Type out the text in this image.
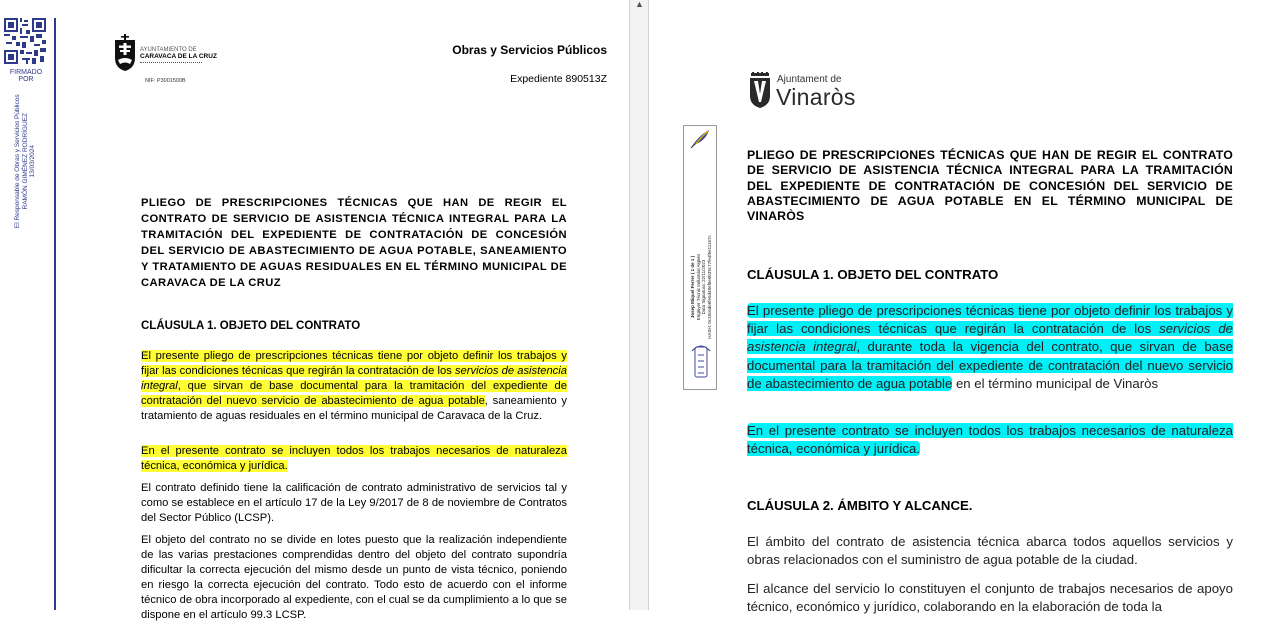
FIRMADO POR
El Responsable de Obras y Servicios Públicos RAMÓN GIMÉNEZ RODRÍGUEZ 13/03/2024
AYUNTAMIENTO DE
CARAVACA DE LA CRUZ
NIF: P3001500B
Obras y Servicios Públicos
Expediente 890513Z
PLIEGO DE PRESCRIPCIONES TÉCNICAS QUE HAN DE REGIR EL CONTRATO DE SERVICIO DE ASISTENCIA TÉCNICA INTEGRAL PARA LA TRAMITACIÓN DEL EXPEDIENTE DE CONTRATACIÓN DE CONCESIÓN DEL SERVICIO DE ABASTECIMIENTO DE AGUA POTABLE, SANEAMIENTO Y TRATAMIENTO DE AGUAS RESIDUALES EN EL TÉRMINO MUNICIPAL DE CARAVACA DE LA CRUZ
CLÁUSULA 1. OBJETO DEL CONTRATO
El presente pliego de prescripciones técnicas tiene por objeto definir los trabajos y fijar las condiciones técnicas que regirán la contratación de los servicios de asistencia integral, que sirvan de base documental para la tramitación del expediente de contratación del nuevo servicio de abastecimiento de agua potable, saneamiento y tratamiento de aguas residuales en el término municipal de Caravaca de la Cruz.
En el presente contrato se incluyen todos los trabajos necesarios de naturaleza técnica, económica y jurídica.
El contrato definido tiene la calificación de contrato administrativo de servicios tal y como se establece en el artículo 17 de la Ley 9/2017 de 8 de noviembre de Contratos del Sector Público (LCSP).
El objeto del contrato no se divide en lotes puesto que la realización independiente de las varias prestaciones comprendidas dentro del objeto del contrato supondría dificultar la correcta ejecución del mismo desde un punto de vista técnico, poniendo en riesgo la correcta ejecución del contrato. Todo esto de acuerdo con el informe técnico de obra incorporado al expediente, con el cual se da cumplimiento a lo que se dispone en el artículo 99.3 LCSP.
▲
Ajuntament de
Vinaròs
Josep Miquel Ferrer ( 1 de 1 ) Enginyer Técnic Industrial Aigües Data Signatura: 22/11/2023 HASH: 0c18c6de6fe5d48ef8e9b39c77fe4f6e11167c
PLIEGO DE PRESCRIPCIONES TÉCNICAS QUE HAN DE REGIR EL CONTRATO DE SERVICIO DE ASISTENCIA TÉCNICA INTEGRAL PARA LA TRAMITACIÓN DEL EXPEDIENTE DE CONTRATACIÓN DE CONCESIÓN DEL SERVICIO DE ABASTECIMIENTO DE AGUA POTABLE EN EL TÉRMINO MUNICIPAL DE VINARÒS
CLÁUSULA 1. OBJETO DEL CONTRATO
El presente pliego de prescripciones técnicas tiene por objeto definir los trabajos y fijar las condiciones técnicas que regirán la contratación de los servicios de asistencia integral, durante toda la vigencia del contrato, que sirvan de base documental para la tramitación del expediente de contratación del nuevo servicio de abastecimiento de agua potable en el término municipal de Vinaròs
En el presente contrato se incluyen todos los trabajos necesarios de naturaleza técnica, económica y jurídica.
CLÁUSULA 2. ÁMBITO Y ALCANCE.
El ámbito del contrato de asistencia técnica abarca todos aquellos servicios y obras relacionados con el suministro de agua potable de la ciudad.
El alcance del servicio lo constituyen el conjunto de trabajos necesarios de apoyo técnico, económico y jurídico, colaborando en la elaboración de toda la
